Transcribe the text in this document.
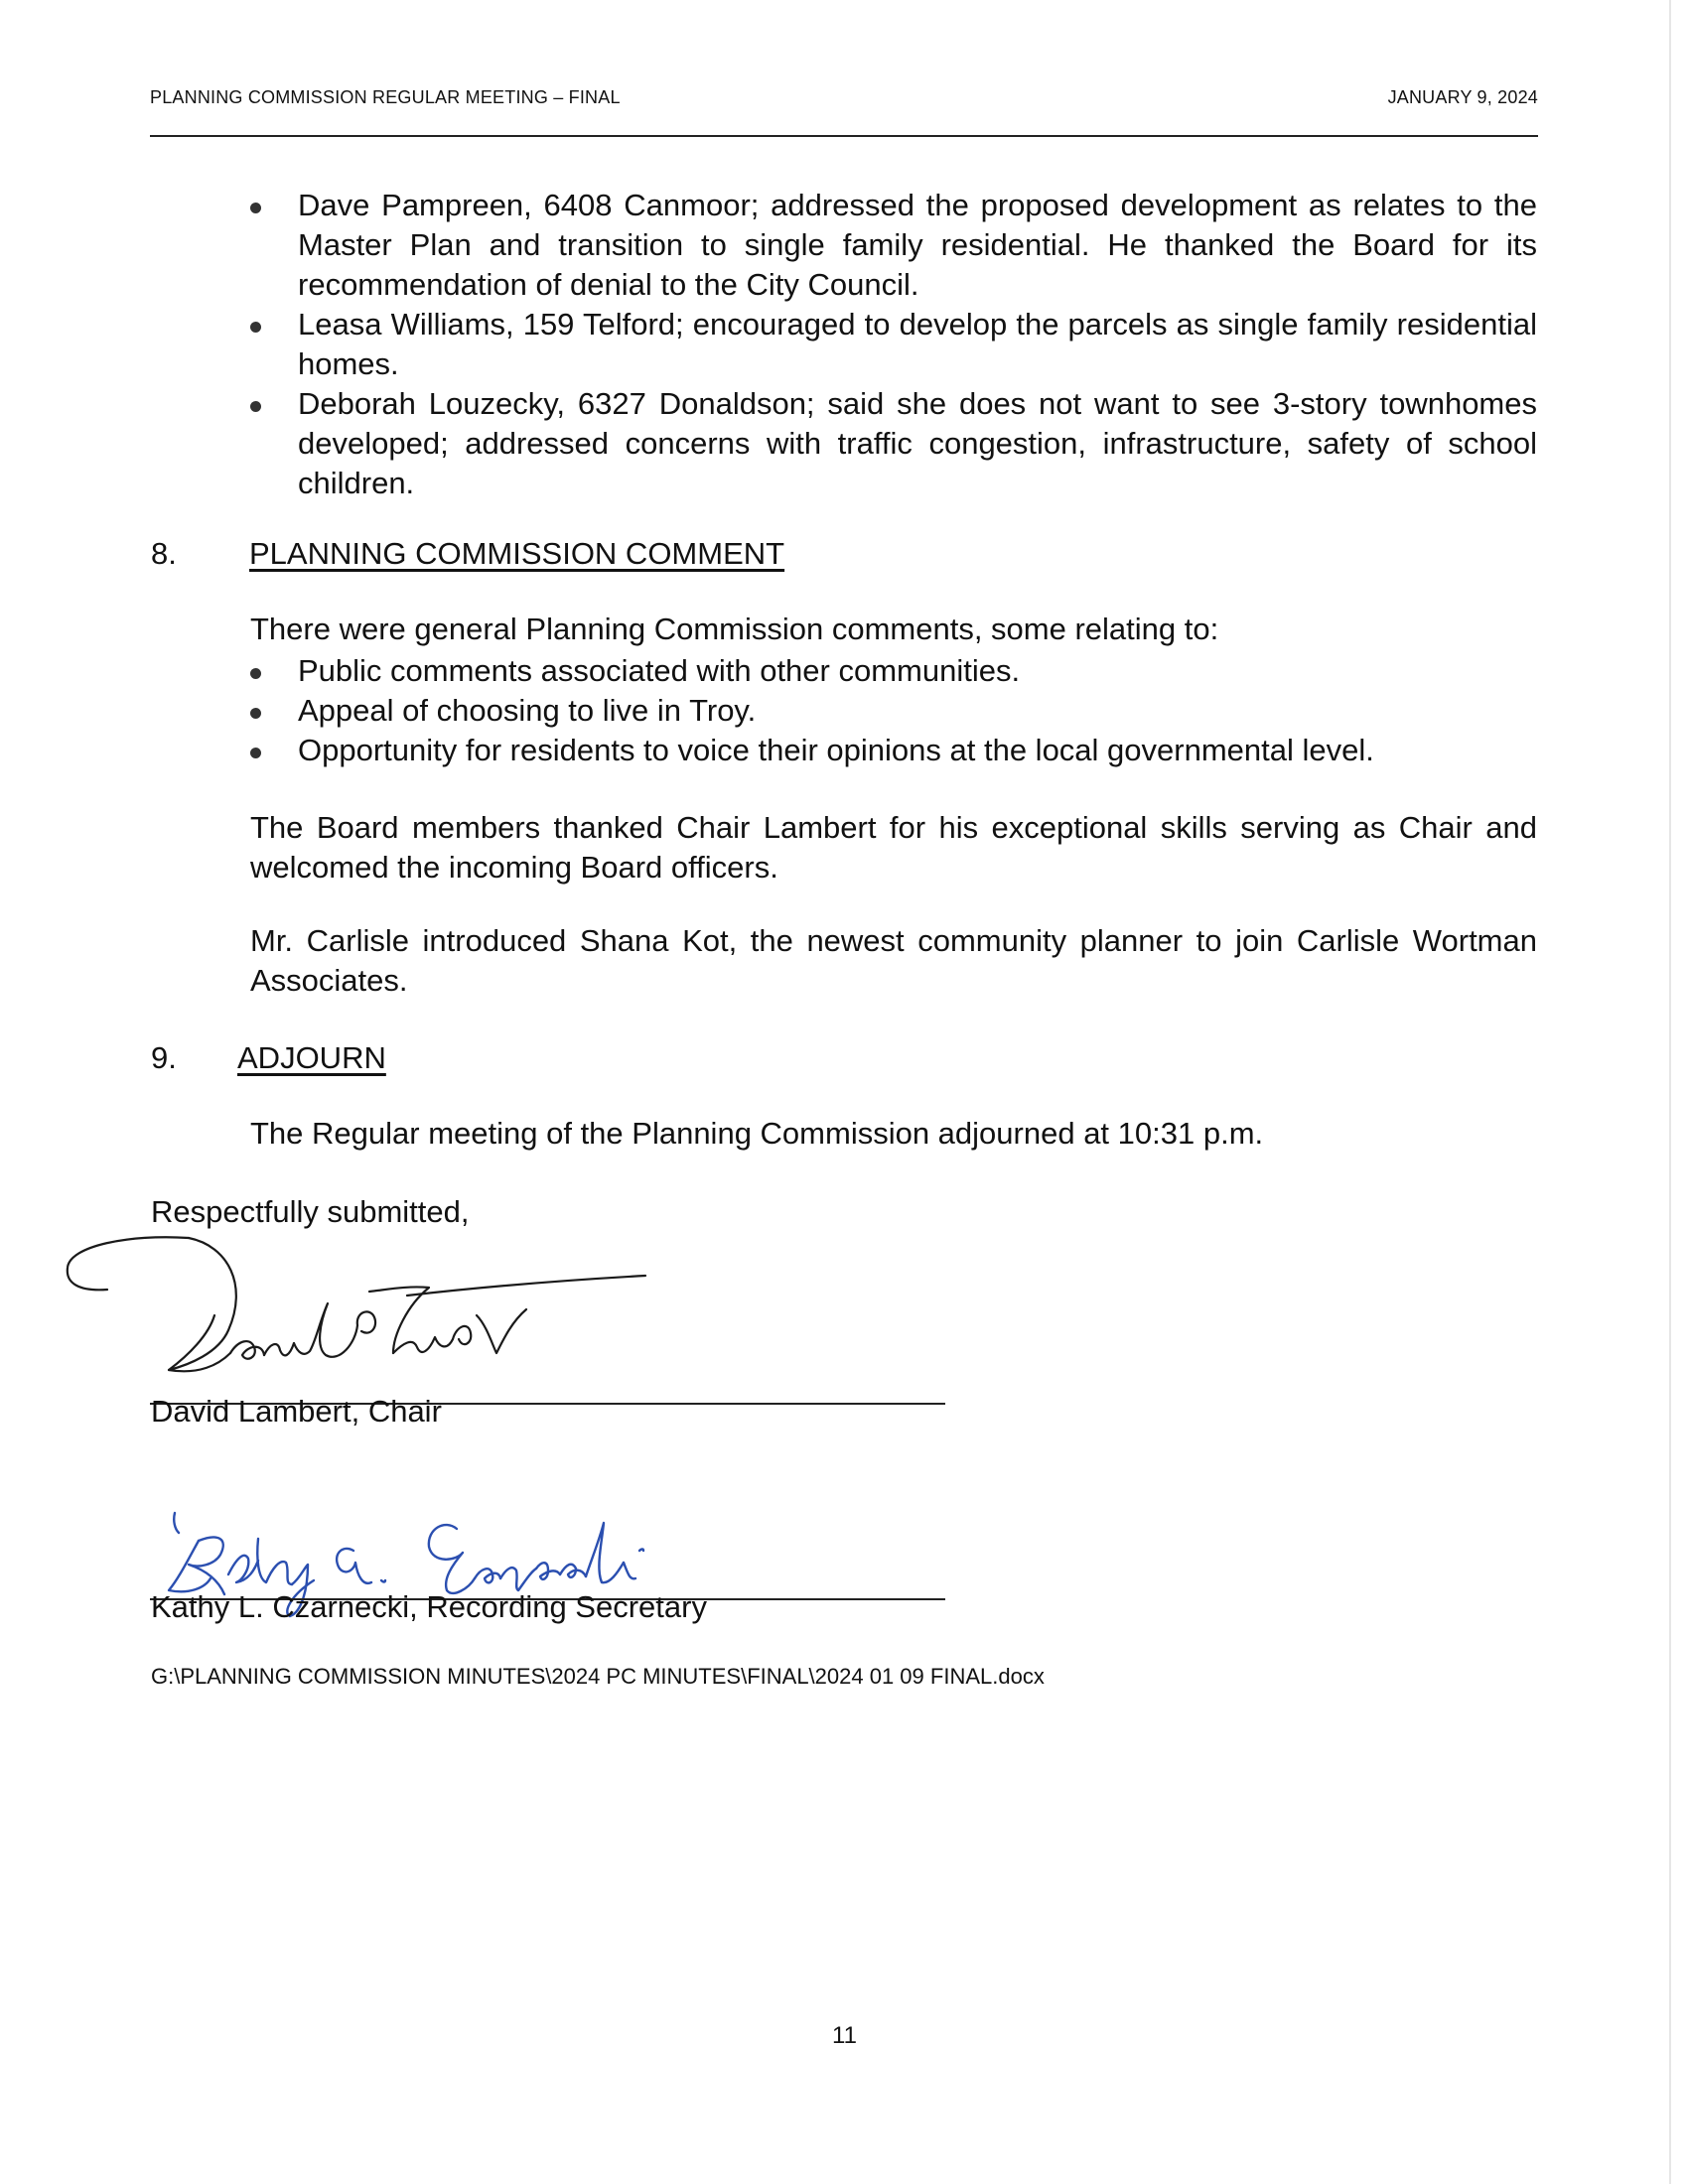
PLANNING COMMISSION REGULAR MEETING – FINAL	JANUARY 9, 2024
Dave Pampreen, 6408 Canmoor; addressed the proposed development as relates to the Master Plan and transition to single family residential. He thanked the Board for its recommendation of denial to the City Council.
Leasa Williams, 159 Telford; encouraged to develop the parcels as single family residential homes.
Deborah Louzecky, 6327 Donaldson; said she does not want to see 3-story townhomes developed; addressed concerns with traffic congestion, infrastructure, safety of school children.
8. PLANNING COMMISSION COMMENT
There were general Planning Commission comments, some relating to:
Public comments associated with other communities.
Appeal of choosing to live in Troy.
Opportunity for residents to voice their opinions at the local governmental level.
The Board members thanked Chair Lambert for his exceptional skills serving as Chair and welcomed the incoming Board officers.
Mr. Carlisle introduced Shana Kot, the newest community planner to join Carlisle Wortman Associates.
9. ADJOURN
The Regular meeting of the Planning Commission adjourned at 10:31 p.m.
Respectfully submitted,
David Lambert, Chair
Kathy L. Czarnecki, Recording Secretary
G:\PLANNING COMMISSION MINUTES\2024 PC MINUTES\FINAL\2024 01 09 FINAL.docx
11
